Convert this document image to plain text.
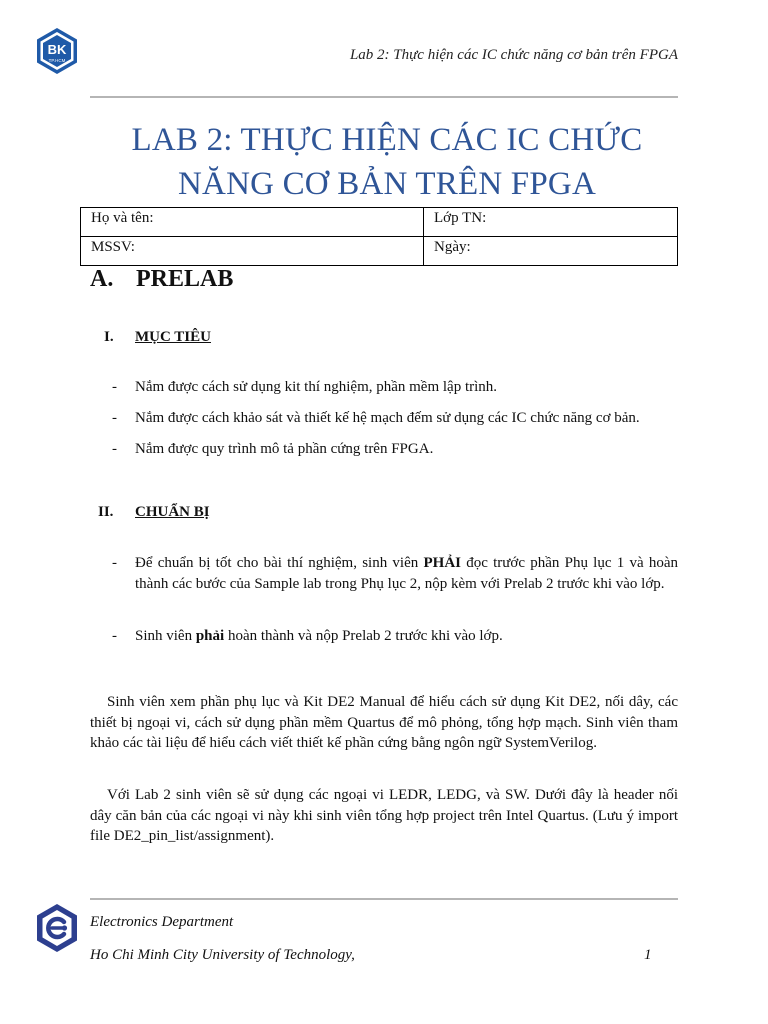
BK
TP.HCM	Lab 2: Thực hiện các IC chức năng cơ bản trên FPGA
LAB 2: THỰC HIỆN CÁC IC CHỨC
NĂNG CƠ BẢN TRÊN FPGA
Họ và tên:	Lớp TN:
MSSV:	Ngày:
A. PRELAB
I. MỤC TIÊU
- Nắm được cách sử dụng kit thí nghiệm, phần mềm lập trình.
- Nắm được cách khảo sát và thiết kế hệ mạch đếm sử dụng các IC chức năng cơ bản.
- Nắm được quy trình mô tả phần cứng trên FPGA.
II. CHUẨN BỊ
- Để chuẩn bị tốt cho bài thí nghiệm, sinh viên PHẢI đọc trước phần Phụ lục 1 và hoàn thành các bước của Sample lab trong Phụ lục 2, nộp kèm với Prelab 2 trước khi vào lớp.
- Sinh viên phải hoàn thành và nộp Prelab 2 trước khi vào lớp.
Sinh viên xem phần phụ lục và Kit DE2 Manual để hiểu cách sử dụng Kit DE2, nối dây, các thiết bị ngoại vi, cách sử dụng phần mềm Quartus để mô phỏng, tổng hợp mạch. Sinh viên tham khảo các tài liệu để hiểu cách viết thiết kế phần cứng bằng ngôn ngữ SystemVerilog.
Với Lab 2 sinh viên sẽ sử dụng các ngoại vi LEDR, LEDG, và SW. Dưới đây là header nối dây căn bản của các ngoại vi này khi sinh viên tổng hợp project trên Intel Quartus. (Lưu ý import file DE2_pin_list/assignment).
Electronics Department
Ho Chi Minh City University of Technology,	1
